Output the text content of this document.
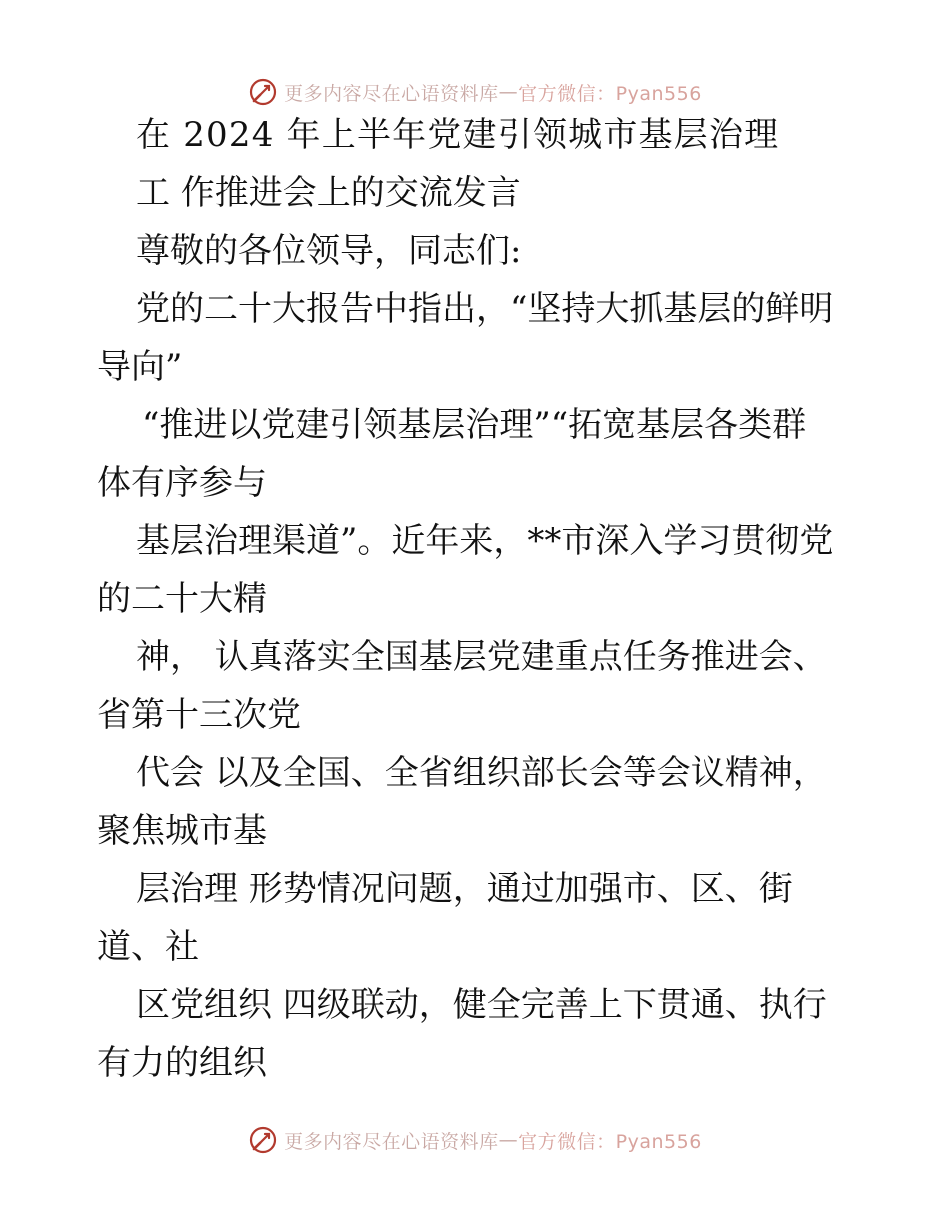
更多内容尽在心语资料库 — 官方微信：Pyan556
在 2024 年上半年党建引领城市基层治理
工 作推进会上的交流发言
尊敬的各位领导，同志们:
党的二十大报告中指出，“坚持大抓基层的鲜明
导向”
“推进以党建引领基层治理”“拓宽基层各类群
体有序参与
基层治理渠道”。近年来，**市深入学习贯彻党
的二十大精
神， 认真落实全国基层党建重点任务推进会、
省第十三次党
代会 以及全国、全省组织部长会等会议精神，
聚焦城市基
层治理 形势情况问题，通过加强市、区、街
道、社
区党组织 四级联动，健全完善上下贯通、执行
有力的组织
更多内容尽在心语资料库 — 官方微信：Pyan556
